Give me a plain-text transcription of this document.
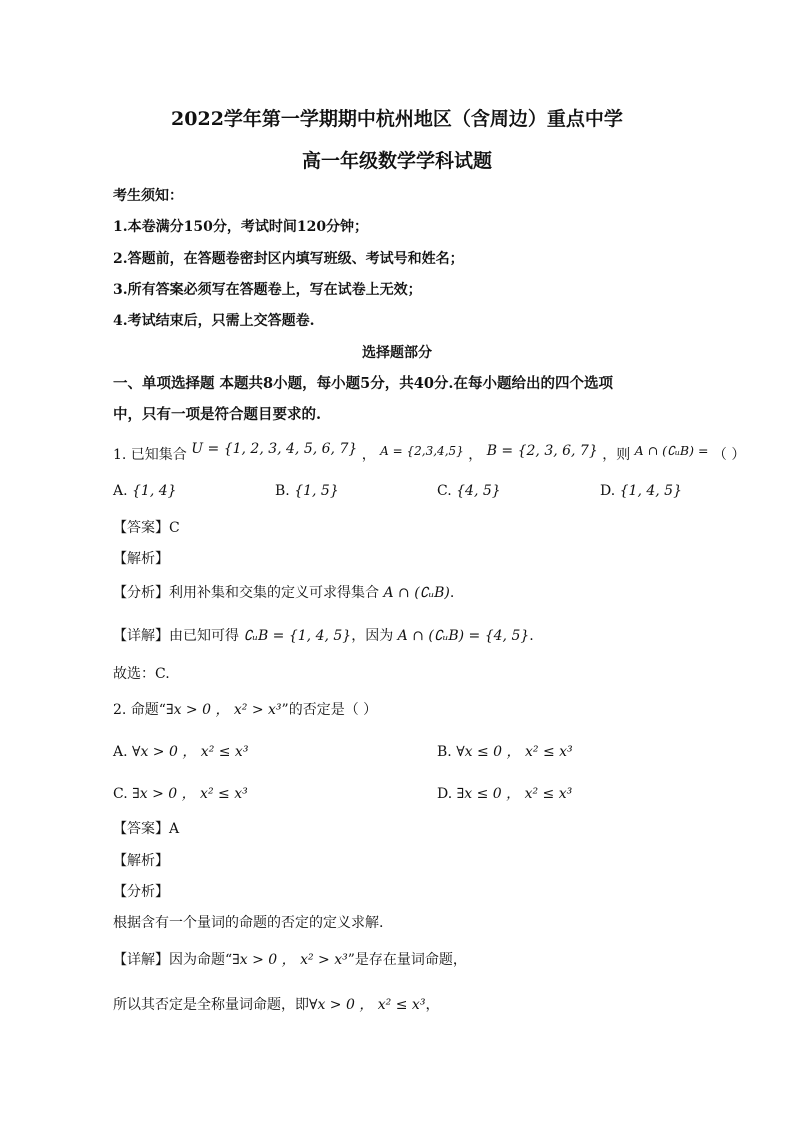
2022学年第一学期期中杭州地区（含周边）重点中学
高一年级数学学科试题
考生须知：
1.本卷满分150分，考试时间120分钟；
2.答题前，在答题卷密封区内填写班级、考试号和姓名；
3.所有答案必须写在答题卷上，写在试卷上无效；
4.考试结束后，只需上交答题卷.
选择题部分
一、单项选择题 本题共8小题，每小题5分，共40分.在每小题给出的四个选项
中，只有一项是符合题目要求的.
1. 已知集合 U = {1, 2, 3, 4, 5, 6, 7} ， A = {2,3,4,5} ， B = {2, 3, 6, 7} ，则 A ∩ (∁ᵤB) = （ ）
A. {1, 4}	B. {1, 5}	C. {4, 5}	D. {1, 4, 5}
【答案】C
【解析】
【分析】利用补集和交集的定义可求得集合 A ∩ (∁ᵤB).
【详解】由已知可得 ∁ᵤB = {1, 4, 5}，因为 A ∩ (∁ᵤB) = {4, 5}.
故选：C.
2. 命题“∃x > 0 ， x² > x³”的否定是（ ）
A. ∀x > 0 ， x² ≤ x³	B. ∀x ≤ 0 ， x² ≤ x³
C. ∃x > 0 ， x² ≤ x³	D. ∃x ≤ 0 ， x² ≤ x³
【答案】A
【解析】
【分析】
根据含有一个量词的命题的否定的定义求解.
【详解】因为命题“∃x > 0 ， x² > x³”是存在量词命题，
所以其否定是全称量词命题，即∀x > 0 ， x² ≤ x³，
